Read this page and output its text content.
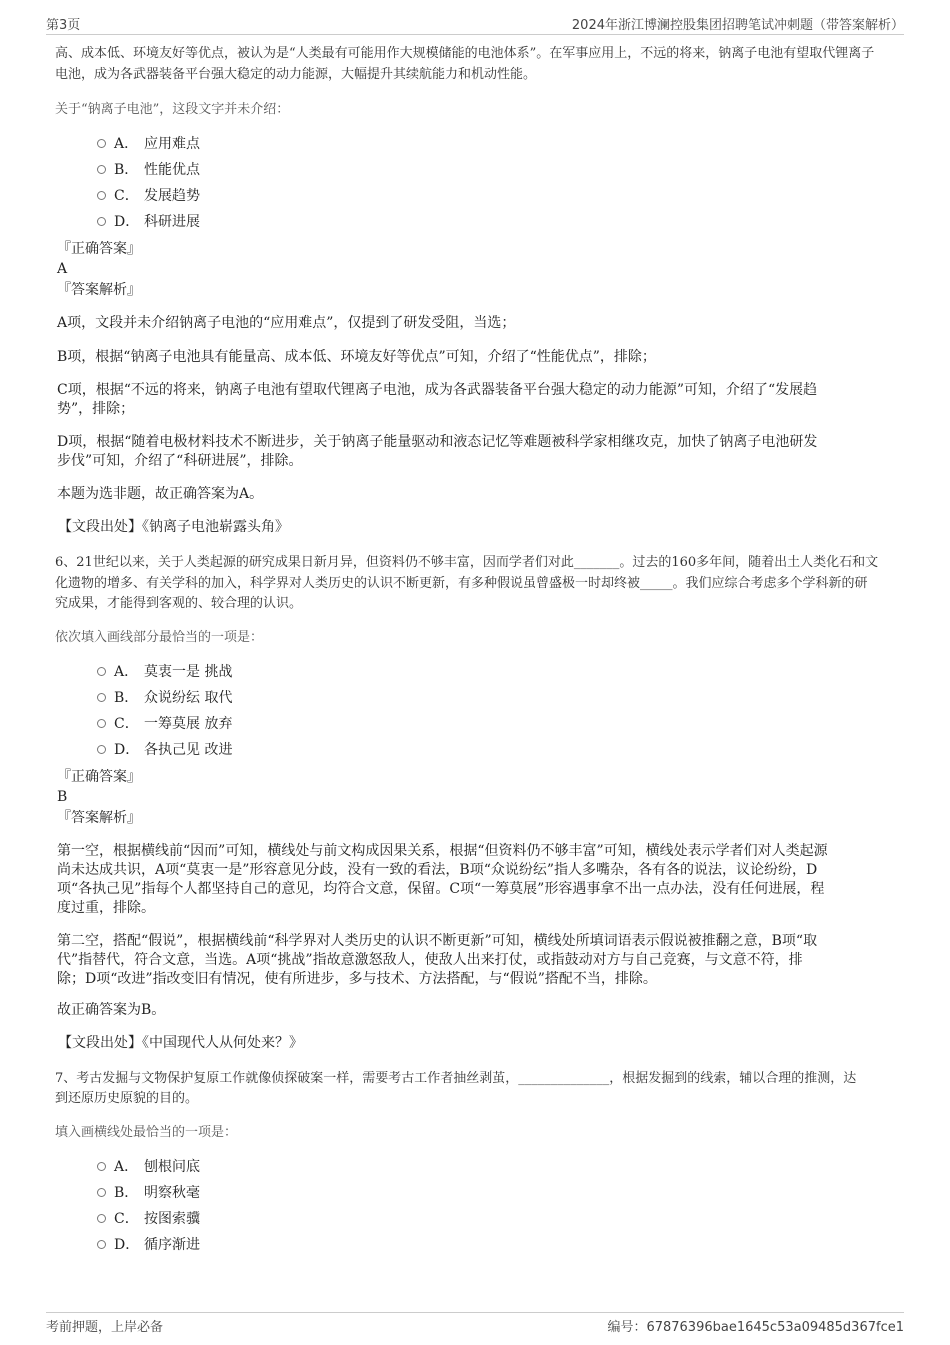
第3页	2024年浙江博澜控股集团招聘笔试冲刺题（带答案解析）
高、成本低、环境友好等优点，被认为是“人类最有可能用作大规模储能的电池体系”。在军事应用上，不远的将来，钠离子电池有望取代锂离子
电池，成为各武器装备平台强大稳定的动力能源，大幅提升其续航能力和机动性能。
关于“钠离子电池”，这段文字并未介绍：
A． 应用难点
B． 性能优点
C． 发展趋势
D． 科研进展
『正确答案』
A
『答案解析』
A项，文段并未介绍钠离子电池的“应用难点”，仅提到了研发受阻，当选；
B项，根据“钠离子电池具有能量高、成本低、环境友好等优点”可知，介绍了“性能优点”，排除；
C项，根据“不远的将来，钠离子电池有望取代锂离子电池，成为各武器装备平台强大稳定的动力能源”可知，介绍了“发展趋
势”，排除；
D项，根据“随着电极材料技术不断进步，关于钠离子能量驱动和液态记忆等难题被科学家相继攻克，加快了钠离子电池研发
步伐”可知，介绍了“科研进展”，排除。
本题为选非题，故正确答案为A。
【文段出处】《钠离子电池崭露头角》
6、21世纪以来，关于人类起源的研究成果日新月异，但资料仍不够丰富，因而学者们对此_______。过去的160多年间，随着出土人类化石和文
化遗物的增多、有关学科的加入，科学界对人类历史的认识不断更新，有多种假说虽曾盛极一时却终被_____。我们应综合考虑多个学科新的研
究成果，才能得到客观的、较合理的认识。
依次填入画线部分最恰当的一项是：
A． 莫衷一是 挑战
B． 众说纷纭 取代
C． 一筹莫展 放弃
D． 各执己见 改进
『正确答案』
B
『答案解析』
第一空，根据横线前“因而”可知，横线处与前文构成因果关系，根据“但资料仍不够丰富”可知，横线处表示学者们对人类起源
尚未达成共识，A项“莫衷一是”形容意见分歧，没有一致的看法，B项“众说纷纭”指人多嘴杂，各有各的说法，议论纷纷，D
项“各执己见”指每个人都坚持自己的意见，均符合文意，保留。C项“一筹莫展”形容遇事拿不出一点办法，没有任何进展，程
度过重，排除。
第二空，搭配“假说”，根据横线前“科学界对人类历史的认识不断更新”可知，横线处所填词语表示假说被推翻之意，B项“取
代”指替代，符合文意，当选。A项“挑战”指故意激怒敌人，使敌人出来打仗，或指鼓动对方与自己竞赛，与文意不符，排
除；D项“改进”指改变旧有情况，使有所进步，多与技术、方法搭配，与“假说”搭配不当，排除。
故正确答案为B。
【文段出处】《中国现代人从何处来？》
7、考古发掘与文物保护复原工作就像侦探破案一样，需要考古工作者抽丝剥茧，______________，根据发掘到的线索，辅以合理的推测，达
到还原历史原貌的目的。
填入画横线处最恰当的一项是：
A． 刨根问底
B． 明察秋毫
C． 按图索骥
D． 循序渐进
考前押题，上岸必备	编号：67876396bae1645c53a09485d367fce1
